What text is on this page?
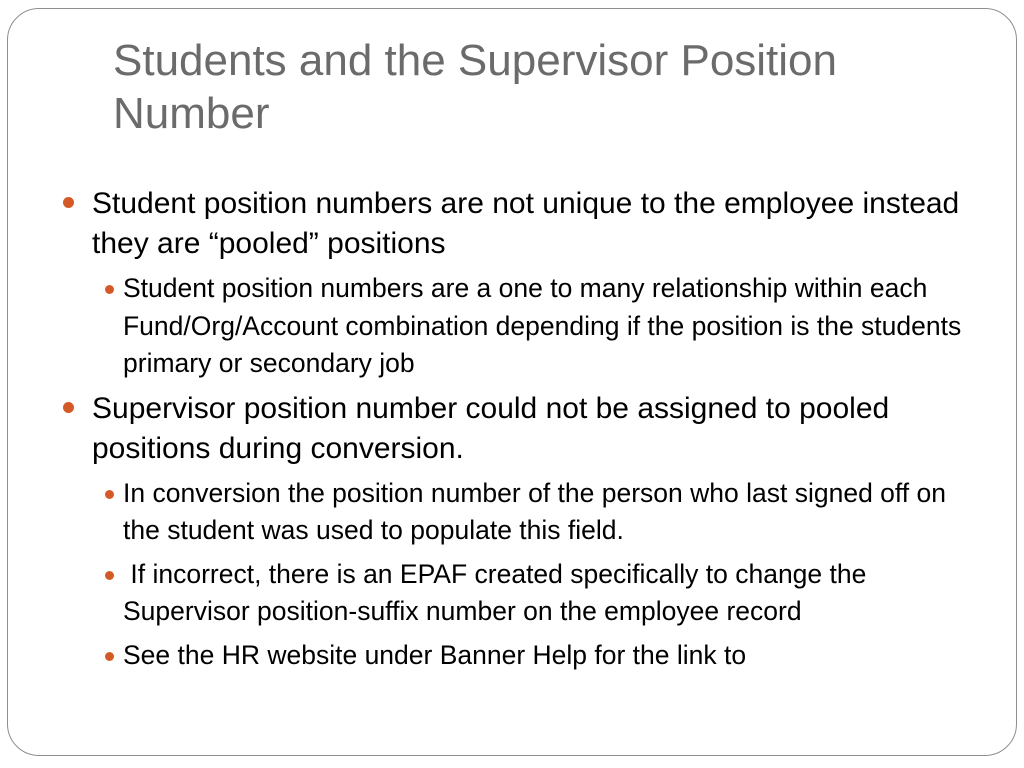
Students and the Supervisor Position Number
Student position numbers are not unique to the employee instead they are “pooled” positions
Student position numbers are a one to many relationship within each Fund/Org/Account combination depending if the position is the students primary or secondary job
Supervisor position number could not be assigned to pooled positions during conversion.
In conversion the position number of the person who last signed off on the student was used to populate this field.
If incorrect, there is an EPAF created specifically to change the Supervisor position-suffix number on the employee record
See the HR website under Banner Help for the link to
